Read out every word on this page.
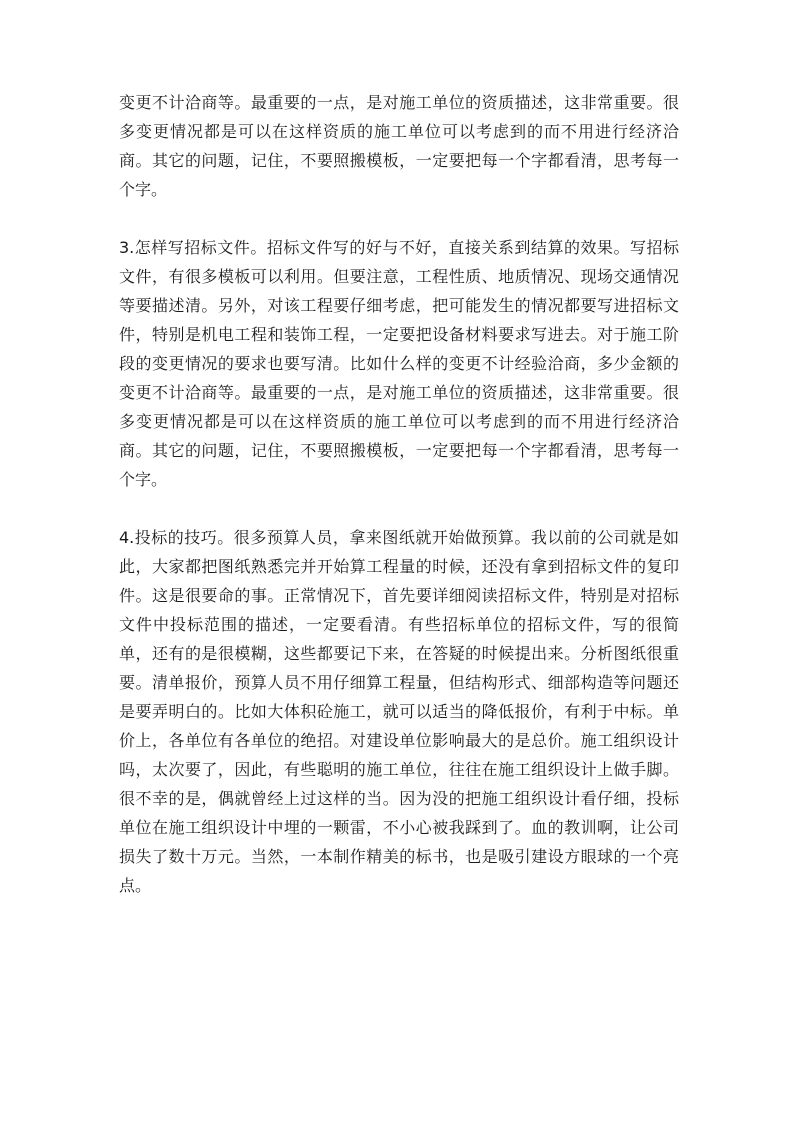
变更不计洽商等。最重要的一点，是对施工单位的资质描述，这非常重要。很
多变更情况都是可以在这样资质的施工单位可以考虑到的而不用进行经济洽
商。其它的问题，记住，不要照搬模板，一定要把每一个字都看清，思考每一
个字。
3.怎样写招标文件。招标文件写的好与不好，直接关系到结算的效果。写招标
文件，有很多模板可以利用。但要注意，工程性质、地质情况、现场交通情况
等要描述清。另外，对该工程要仔细考虑，把可能发生的情况都要写进招标文
件，特别是机电工程和装饰工程，一定要把设备材料要求写进去。对于施工阶
段的变更情况的要求也要写清。比如什么样的变更不计经验洽商，多少金额的
变更不计洽商等。最重要的一点，是对施工单位的资质描述，这非常重要。很
多变更情况都是可以在这样资质的施工单位可以考虑到的而不用进行经济洽
商。其它的问题，记住，不要照搬模板，一定要把每一个字都看清，思考每一
个字。
4.投标的技巧。很多预算人员，拿来图纸就开始做预算。我以前的公司就是如
此，大家都把图纸熟悉完并开始算工程量的时候，还没有拿到招标文件的复印
件。这是很要命的事。正常情况下，首先要详细阅读招标文件，特别是对招标
文件中投标范围的描述，一定要看清。有些招标单位的招标文件，写的很简
单，还有的是很模糊，这些都要记下来，在答疑的时候提出来。分析图纸很重
要。清单报价，预算人员不用仔细算工程量，但结构形式、细部构造等问题还
是要弄明白的。比如大体积砼施工，就可以适当的降低报价，有利于中标。单
价上，各单位有各单位的绝招。对建设单位影响最大的是总价。施工组织设计
吗，太次要了，因此，有些聪明的施工单位，往往在施工组织设计上做手脚。
很不幸的是，偶就曾经上过这样的当。因为没的把施工组织设计看仔细，投标
单位在施工组织设计中埋的一颗雷，不小心被我踩到了。血的教训啊，让公司
损失了数十万元。当然，一本制作精美的标书，也是吸引建设方眼球的一个亮
点。
